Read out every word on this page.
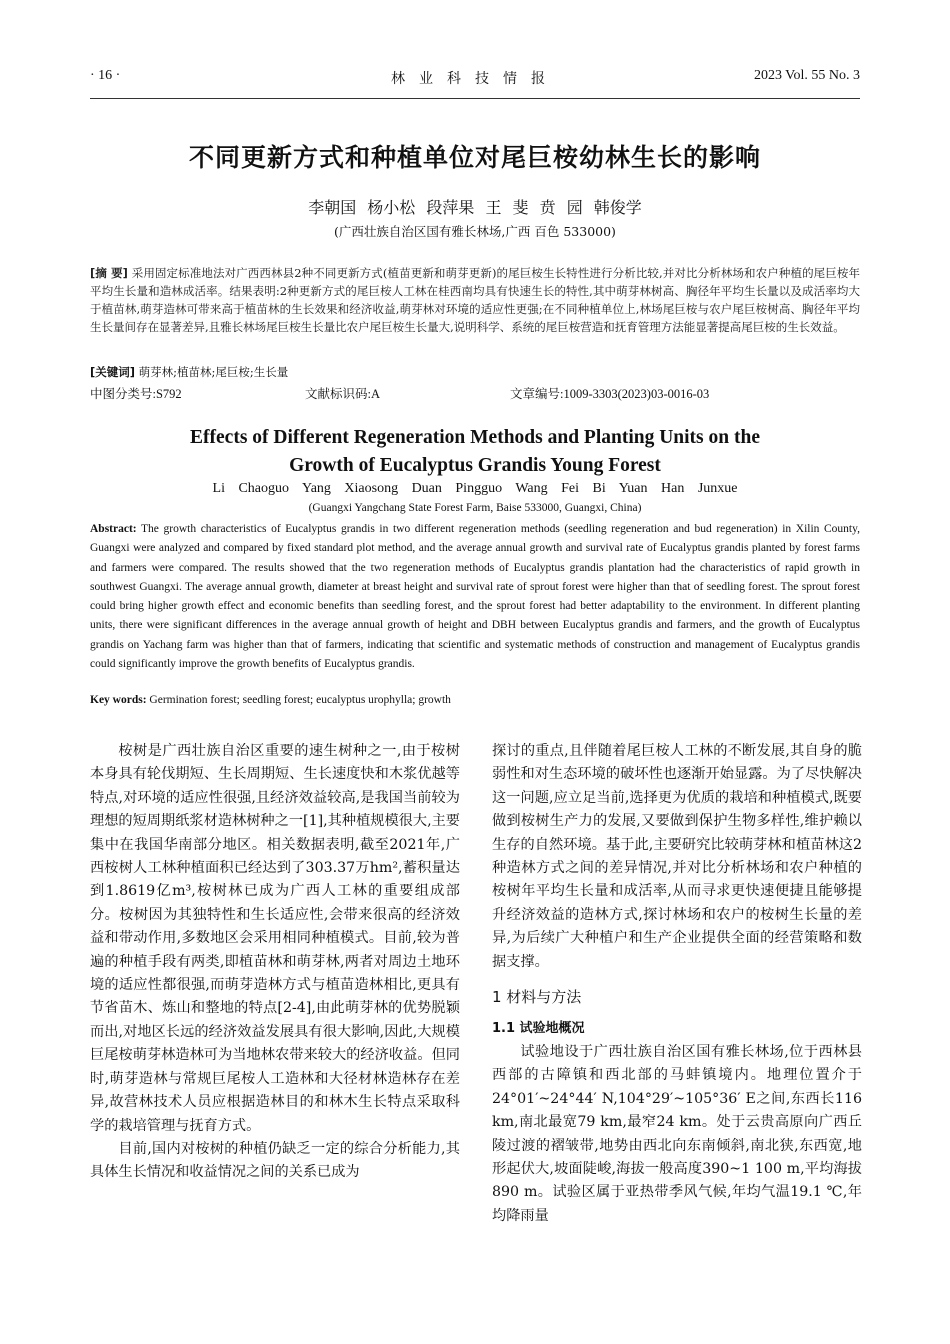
· 16 ·	林业科技情报	2023 Vol. 55 No. 3
不同更新方式和种植单位对尾巨桉幼林生长的影响
李朝国 杨小松 段萍果 王 斐 贲 园 韩俊学
(广西壮族自治区国有雅长林场,广西 百色 533000)
[摘 要] 采用固定标准地法对广西西林县2种不同更新方式(植苗更新和萌芽更新)的尾巨桉生长特性进行分析比较,并对比分析林场和农户种植的尾巨桉年平均生长量和造林成活率。结果表明:2种更新方式的尾巨桉人工林在桂西南均具有快速生长的特性,其中萌芽林树高、胸径年平均生长量以及成活率均大于植苗林,萌芽造林可带来高于植苗林的生长效果和经济收益,萌芽林对环境的适应性更强;在不同种植单位上,林场尾巨桉与农户尾巨桉树高、胸径年平均生长量间存在显著差异,且雅长林场尾巨桉生长量比农户尾巨桉生长量大,说明科学、系统的尾巨桉营造和抚育管理方法能显著提高尾巨桉的生长效益。
[关键词] 萌芽林;植苗林;尾巨桉;生长量
中图分类号:S792	文献标识码:A	文章编号:1009-3303(2023)03-0016-03
Effects of Different Regeneration Methods and Planting Units on the
Growth of Eucalyptus Grandis Young Forest
Li Chaoguo Yang Xiaosong Duan Pingguo Wang Fei Bi Yuan Han Junxue
(Guangxi Yangchang State Forest Farm, Baise 533000, Guangxi, China)
Abstract: The growth characteristics of Eucalyptus grandis in two different regeneration methods (seedling regeneration and bud regeneration) in Xilin County, Guangxi were analyzed and compared by fixed standard plot method, and the average annual growth and survival rate of Eucalyptus grandis planted by forest farms and farmers were compared. The results showed that the two regeneration methods of Eucalyptus grandis plantation had the characteristics of rapid growth in southwest Guangxi. The average annual growth, diameter at breast height and survival rate of sprout forest were higher than that of seedling forest. The sprout forest could bring higher growth effect and economic benefits than seedling forest, and the sprout forest had better adaptability to the environment. In different planting units, there were significant differences in the average annual growth of height and DBH between Eucalyptus grandis and farmers, and the growth of Eucalyptus grandis on Yachang farm was higher than that of farmers, indicating that scientific and systematic methods of construction and management of Eucalyptus grandis could significantly improve the growth benefits of Eucalyptus grandis.
Key words: Germination forest; seedling forest; eucalyptus urophylla; growth

桉树是广西壮族自治区重要的速生树种之一,由于桉树本身具有轮伐期短、生长周期短、生长速度快和木浆优越等特点,对环境的适应性很强,且经济效益较高,是我国当前较为理想的短周期纸浆材造林树种之一[1],其种植规模很大,主要集中在我国华南部分地区。相关数据表明,截至2021年,广西桉树人工林种植面积已经达到了303.37万hm²,蓄积量达到1.8619亿m³,桉树林已成为广西人工林的重要组成部分。桉树因为其独特性和生长适应性,会带来很高的经济效益和带动作用,多数地区会采用相同种植模式。目前,较为普遍的种植手段有两类,即植苗林和萌芽林,两者对周边土地环境的适应性都很强,而萌芽造林方式与植苗造林相比,更具有节省苗木、炼山和整地的特点[2-4],由此萌芽林的优势脱颖而出,对地区长远的经济效益发展具有很大影响,因此,大规模巨尾桉萌芽林造林可为当地林农带来较大的经济收益。但同时,萌芽造林与常规巨尾桉人工造林和大径材林造林存在差异,故营林技术人员应根据造林目的和林木生长特点采取科学的栽培管理与抚育方式。

目前,国内对桉树的种植仍缺乏一定的综合分析能力,其具体生长情况和收益情况之间的关系已成为

探讨的重点,且伴随着尾巨桉人工林的不断发展,其自身的脆弱性和对生态环境的破坏性也逐渐开始显露。为了尽快解决这一问题,应立足当前,选择更为优质的栽培和种植模式,既要做到桉树生产力的发展,又要做到保护生物多样性,维护赖以生存的自然环境。基于此,主要研究比较萌芽林和植苗林这2种造林方式之间的差异情况,并对比分析林场和农户种植的桉树年平均生长量和成活率,从而寻求更快速便捷且能够提升经济效益的造林方式,探讨林场和农户的桉树生长量的差异,为后续广大种植户和生产企业提供全面的经营策略和数据支撑。

1 材料与方法

1.1 试验地概况

试验地设于广西壮族自治区国有雅长林场,位于西林县西部的古障镇和西北部的马蚌镇境内。地理位置介于24°01′~24°44′ N,104°29′~105°36′ E之间,东西长116 km,南北最宽79 km,最窄24 km。处于云贵高原向广西丘陵过渡的褶皱带,地势由西北向东南倾斜,南北狭,东西宽,地形起伏大,坡面陡峻,海拔一般高度390~1 100 m,平均海拔890 m。试验区属于亚热带季风气候,年均气温19.1 ℃,年均降雨量
